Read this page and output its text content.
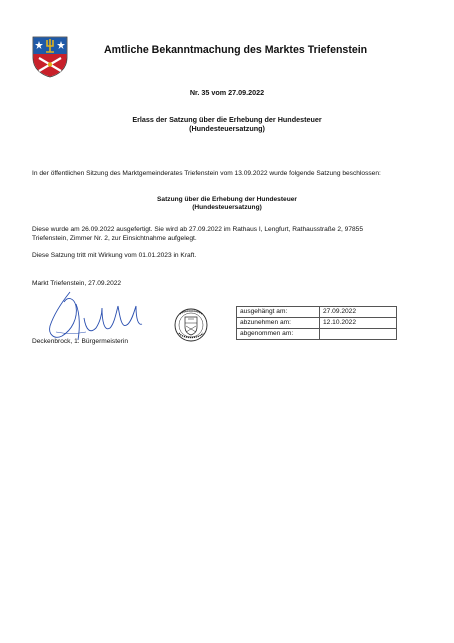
Amtliche Bekanntmachung des Marktes Triefenstein
Nr. 35 vom 27.09.2022
Erlass der Satzung über die Erhebung der Hundesteuer
(Hundesteuersatzung)
In der öffentlichen Sitzung des Marktgemeinderates Triefenstein vom 13.09.2022 wurde folgende Satzung beschlossen:
Satzung über die Erhebung der Hundesteuer
(Hundesteuersatzung)
Diese wurde am 26.09.2022 ausgefertigt. Sie wird ab 27.09.2022 im Rathaus I, Lengfurt, Rathausstraße 2, 97855 Triefenstein, Zimmer Nr. 2, zur Einsichtnahme aufgelegt.
Diese Satzung tritt mit Wirkung vom 01.01.2023 in Kraft.
Markt Triefenstein, 27.09.2022
Deckenbrock, 1. Bürgermeisterin
ausgehängt am:	27.09.2022
abzunehmen am:	12.10.2022
abgenommen am:	
